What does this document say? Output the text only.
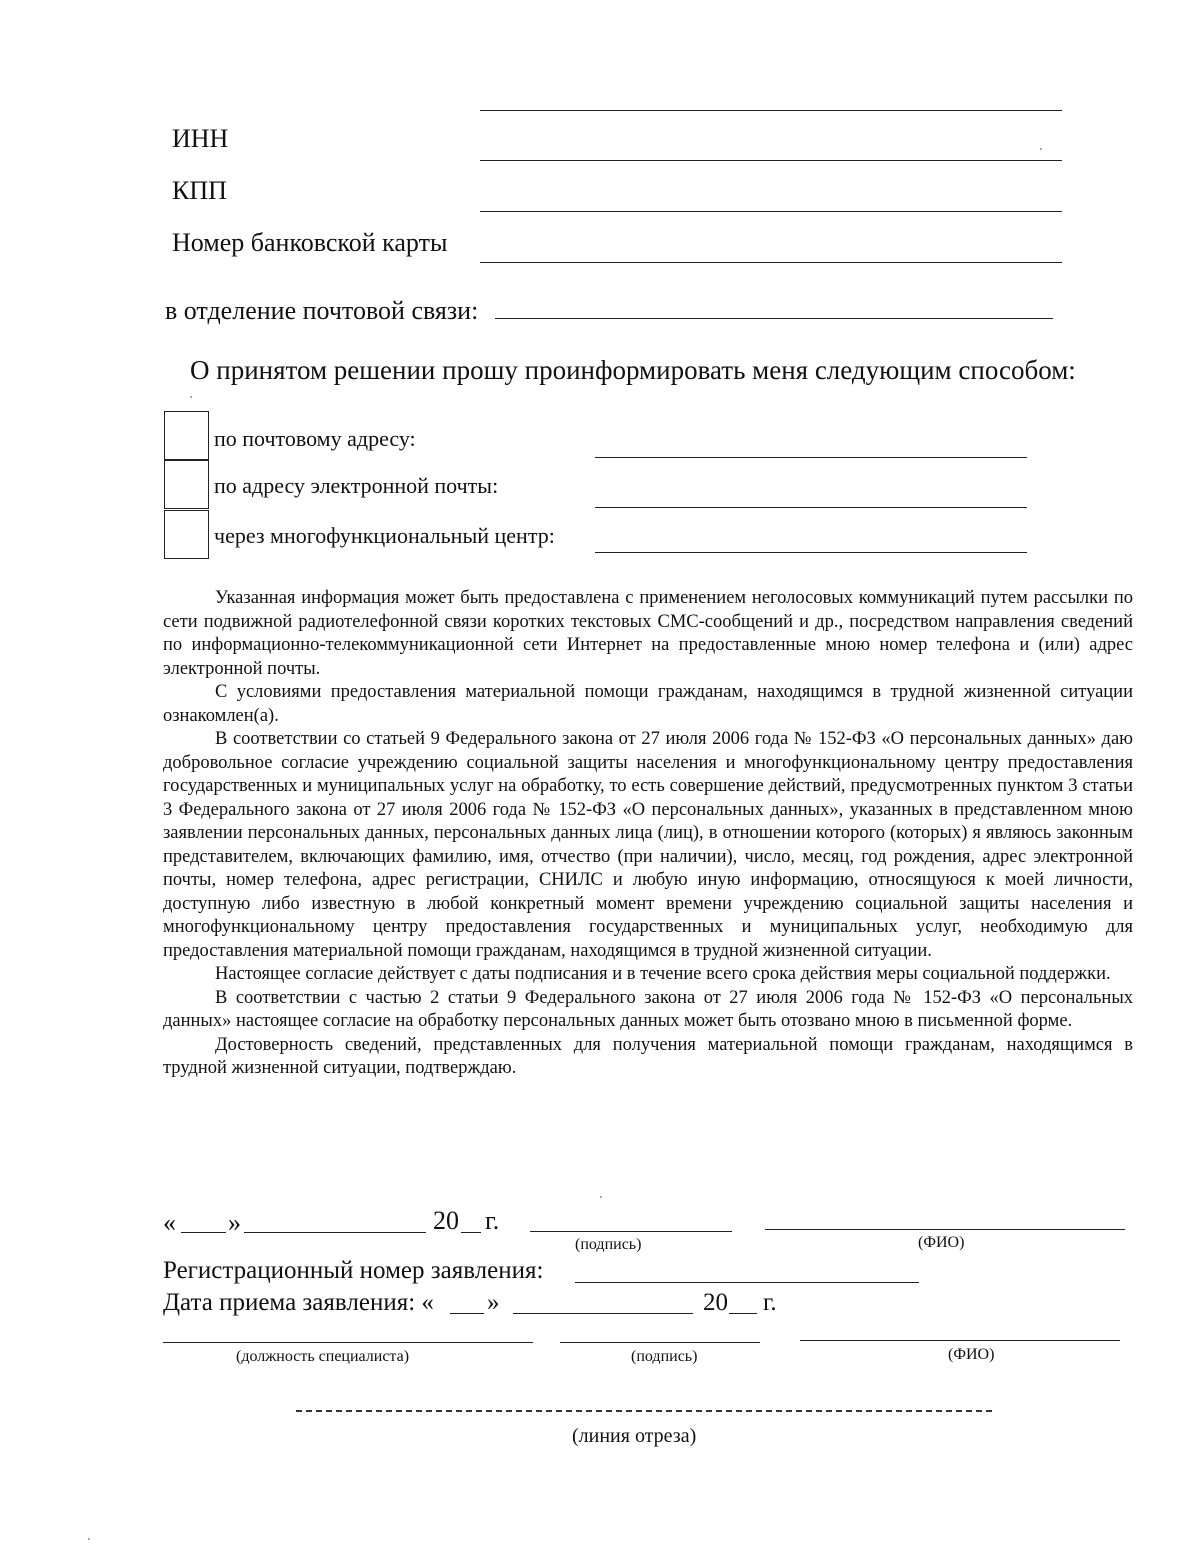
ИНН
КПП
Номер банковской карты
в отделение почтовой связи:
О принятом решении прошу проинформировать меня следующим способом:
по почтовому адресу:
по адресу электронной почты:
через многофункциональный центр:

Указанная информация может быть предоставлена с применением неголосовых коммуникаций путем рассылки по сети подвижной радиотелефонной связи коротких текстовых СМС-сообщений и др., посредством направления сведений по информационно-телекоммуникационной сети Интернет на предоставленные мною номер телефона и (или) адрес электронной почты.

С условиями предоставления материальной помощи гражданам, находящимся в трудной жизненной ситуации ознакомлен(а).

В соответствии со статьей 9 Федерального закона от 27 июля 2006 года № 152-ФЗ «О персональных данных» даю добровольное согласие учреждению социальной защиты населения и многофункциональному центру предоставления государственных и муниципальных услуг на обработку, то есть совершение действий, предусмотренных пунктом 3 статьи 3 Федерального закона от 27 июля 2006 года № 152-ФЗ «О персональных данных», указанных в представленном мною заявлении персональных данных, персональных данных лица (лиц), в отношении которого (которых) я являюсь законным представителем, включающих фамилию, имя, отчество (при наличии), число, месяц, год рождения, адрес электронной почты, номер телефона, адрес регистрации, СНИЛС и любую иную информацию, относящуюся к моей личности, доступную либо известную в любой конкретный момент времени учреждению социальной защиты населения и многофункциональному центру предоставления государственных и муниципальных услуг, необходимую для предоставления материальной помощи гражданам, находящимся в трудной жизненной ситуации.

Настоящее согласие действует с даты подписания и в течение всего срока действия меры социальной поддержки.

В соответствии с частью 2 статьи 9 Федерального закона от 27 июля 2006 года № 152-ФЗ «О персональных данных» настоящее согласие на обработку персональных данных может быть отозвано мною в письменной форме.

Достоверность сведений, представленных для получения материальной помощи гражданам, находящимся в трудной жизненной ситуации, подтверждаю.

« »	20 г.
(подпись)	(ФИО)
Регистрационный номер заявления:
Дата приема заявления: « »	20 г.
(должность специалиста)	(подпись)	(ФИО)
(линия отреза)
